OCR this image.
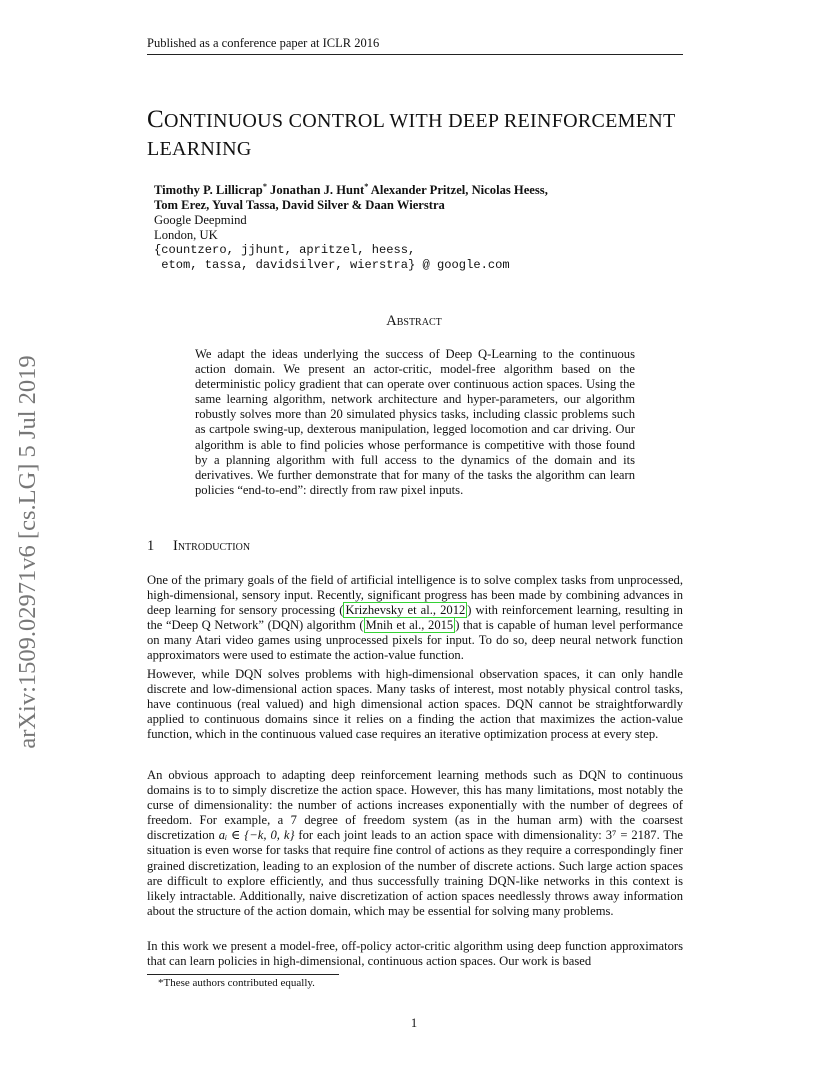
Published as a conference paper at ICLR 2016
arXiv:1509.02971v6 [cs.LG] 5 Jul 2019
CONTINUOUS CONTROL WITH DEEP REINFORCEMENT
LEARNING
Timothy P. Lillicrap* Jonathan J. Hunt* Alexander Pritzel, Nicolas Heess,
Tom Erez, Yuval Tassa, David Silver & Daan Wierstra
Google Deepmind
London, UK
{countzero, jjhunt, apritzel, heess,
etom, tassa, davidsilver, wierstra} @ google.com
Abstract
We adapt the ideas underlying the success of Deep Q-Learning to the continuous action domain. We present an actor-critic, model-free algorithm based on the deterministic policy gradient that can operate over continuous action spaces. Using the same learning algorithm, network architecture and hyper-parameters, our algorithm robustly solves more than 20 simulated physics tasks, including classic problems such as cartpole swing-up, dexterous manipulation, legged locomotion and car driving. Our algorithm is able to find policies whose performance is competitive with those found by a planning algorithm with full access to the dynamics of the domain and its derivatives. We further demonstrate that for many of the tasks the algorithm can learn policies “end-to-end”: directly from raw pixel inputs.
1 Introduction
One of the primary goals of the field of artificial intelligence is to solve complex tasks from unprocessed, high-dimensional, sensory input. Recently, significant progress has been made by combining advances in deep learning for sensory processing ( Krizhevsky et al., 2012 ) with reinforcement learning, resulting in the “Deep Q Network” (DQN) algorithm ( Mnih et al., 2015 ) that is capable of human level performance on many Atari video games using unprocessed pixels for input. To do so, deep neural network function approximators were used to estimate the action-value function.
However, while DQN solves problems with high-dimensional observation spaces, it can only handle discrete and low-dimensional action spaces. Many tasks of interest, most notably physical control tasks, have continuous (real valued) and high dimensional action spaces. DQN cannot be straightforwardly applied to continuous domains since it relies on a finding the action that maximizes the action-value function, which in the continuous valued case requires an iterative optimization process at every step.
An obvious approach to adapting deep reinforcement learning methods such as DQN to continuous domains is to to simply discretize the action space. However, this has many limitations, most notably the curse of dimensionality: the number of actions increases exponentially with the number of degrees of freedom. For example, a 7 degree of freedom system (as in the human arm) with the coarsest discretization aᵢ ∈ {−k, 0, k} for each joint leads to an action space with dimensionality: 3⁷ = 2187. The situation is even worse for tasks that require fine control of actions as they require a correspondingly finer grained discretization, leading to an explosion of the number of discrete actions. Such large action spaces are difficult to explore efficiently, and thus successfully training DQN-like networks in this context is likely intractable. Additionally, naive discretization of action spaces needlessly throws away information about the structure of the action domain, which may be essential for solving many problems.
In this work we present a model-free, off-policy actor-critic algorithm using deep function approximators that can learn policies in high-dimensional, continuous action spaces. Our work is based
*These authors contributed equally.
1
